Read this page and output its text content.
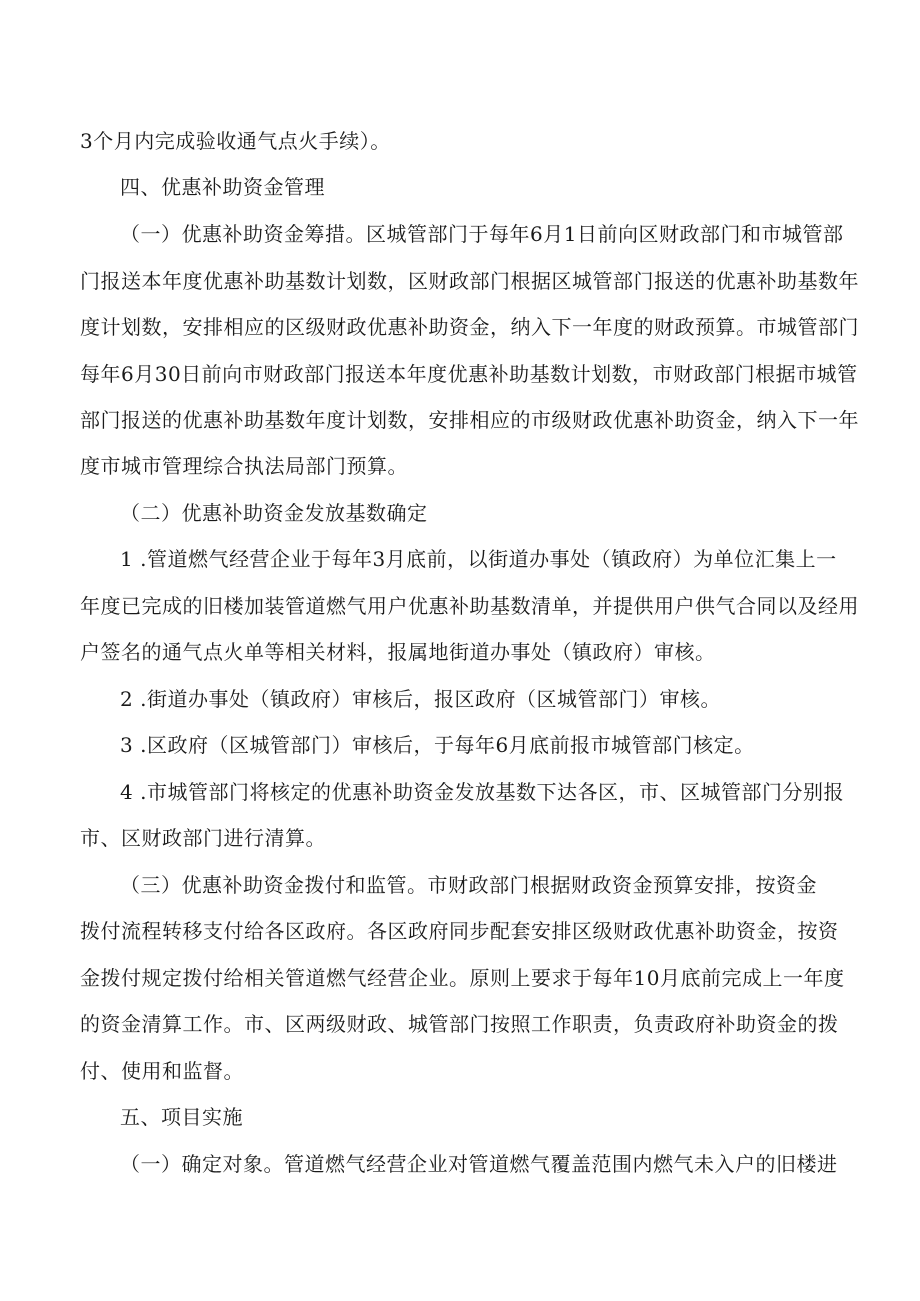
3个月内完成验收通气点火手续）。
四、优惠补助资金管理
（一）优惠补助资金筹措。区城管部门于每年6月1日前向区财政部门和市城管部
门报送本年度优惠补助基数计划数，区财政部门根据区城管部门报送的优惠补助基数年
度计划数，安排相应的区级财政优惠补助资金，纳入下一年度的财政预算。市城管部门
每年6月30日前向市财政部门报送本年度优惠补助基数计划数，市财政部门根据市城管
部门报送的优惠补助基数年度计划数，安排相应的市级财政优惠补助资金，纳入下一年
度市城市管理综合执法局部门预算。
（二）优惠补助资金发放基数确定
1 .管道燃气经营企业于每年3月底前，以街道办事处（镇政府）为单位汇集上一
年度已完成的旧楼加装管道燃气用户优惠补助基数清单，并提供用户供气合同以及经用
户签名的通气点火单等相关材料，报属地街道办事处（镇政府）审核。
2 .街道办事处（镇政府）审核后，报区政府（区城管部门）审核。
3 .区政府（区城管部门）审核后，于每年6月底前报市城管部门核定。
4 .市城管部门将核定的优惠补助资金发放基数下达各区，市、区城管部门分别报
市、区财政部门进行清算。
（三）优惠补助资金拨付和监管。市财政部门根据财政资金预算安排，按资金
拨付流程转移支付给各区政府。各区政府同步配套安排区级财政优惠补助资金，按资
金拨付规定拨付给相关管道燃气经营企业。原则上要求于每年10月底前完成上一年度
的资金清算工作。市、区两级财政、城管部门按照工作职责，负责政府补助资金的拨
付、使用和监督。
五、项目实施
（一）确定对象。管道燃气经营企业对管道燃气覆盖范围内燃气未入户的旧楼进
